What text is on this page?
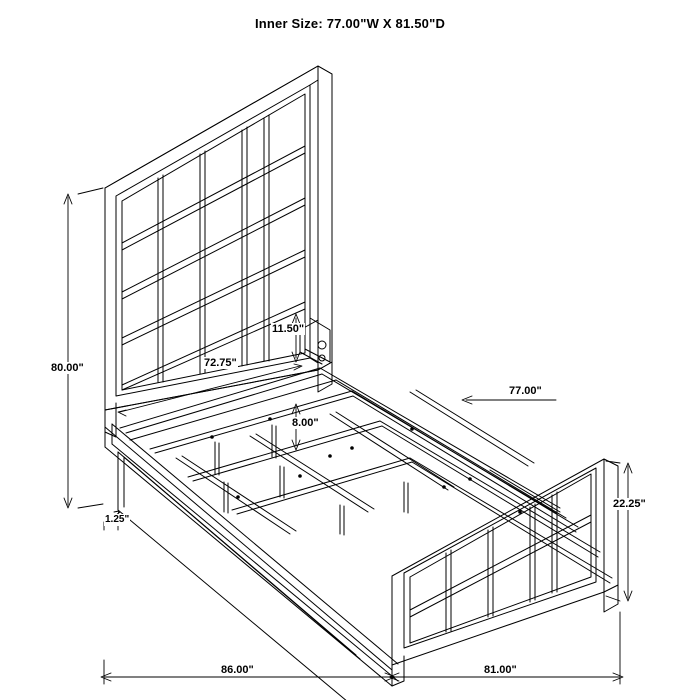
Inner Size: 77.00"W X 81.50"D
80.00"	72.75"
11.50"
8.00"
77.00"
22.25"
1.25"
86.00"	81.00"
